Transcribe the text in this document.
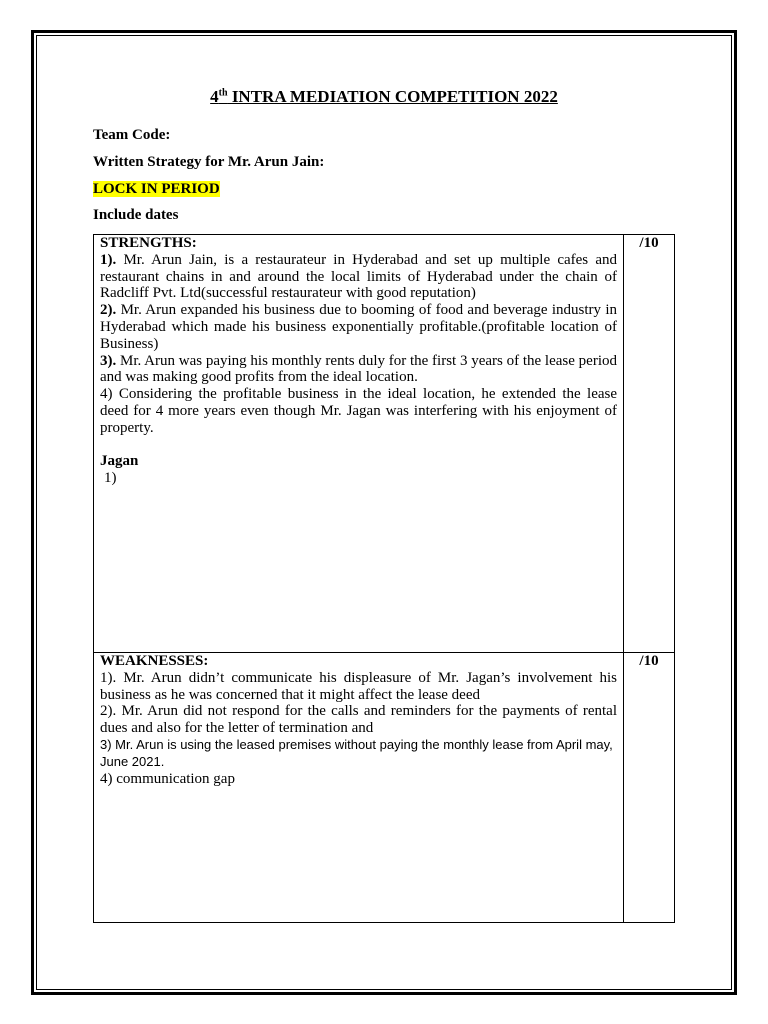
4th INTRA MEDIATION COMPETITION 2022
Team Code:
Written Strategy for Mr. Arun Jain:
LOCK IN PERIOD
Include dates
STRENGTHS:

1). Mr. Arun Jain, is a restaurateur in Hyderabad and set up multiple cafes and restaurant chains in and around the local limits of Hyderabad under the chain of Radcliff Pvt. Ltd(successful restaurateur with good reputation)

2). Mr. Arun expanded his business due to booming of food and beverage industry in Hyderabad which made his business exponentially profitable.(profitable location of Business)

3). Mr. Arun was paying his monthly rents duly for the first 3 years of the lease period and was making good profits from the ideal location.

4) Considering the profitable business in the ideal location, he extended the lease deed for 4 more years even though Mr. Jagan was interfering with his enjoyment of property.

Jagan
1)
/10
WEAKNESSES:

1). Mr. Arun didn’t communicate his displeasure of Mr. Jagan’s involvement his business as he was concerned that it might affect the lease deed

2). Mr. Arun did not respond for the calls and reminders for the payments of rental dues and also for the letter of termination and

3) Mr. Arun is using the leased premises without paying the monthly lease from April may, June 2021.

4) communication gap

/10
